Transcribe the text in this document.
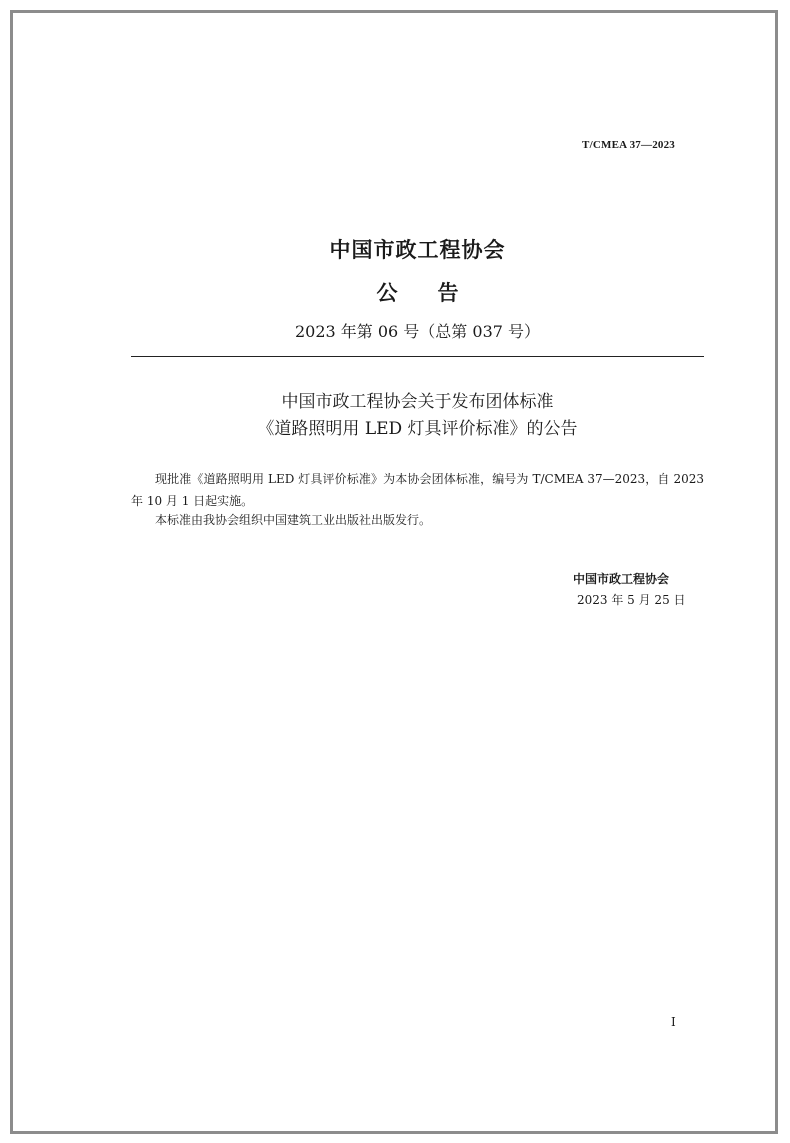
T/CMEA 37—2023
中国市政工程协会
公告
2023 年第 06 号（总第 037 号）
中国市政工程协会关于发布团体标准
《道路照明用 LED 灯具评价标准》的公告
现批准《道路照明用 LED 灯具评价标准》为本协会团体标准，编号为 T/CMEA 37—2023，自 2023 年 10 月 1 日起实施。
本标准由我协会组织中国建筑工业出版社出版发行。
中国市政工程协会
2023 年 5 月 25 日
I
